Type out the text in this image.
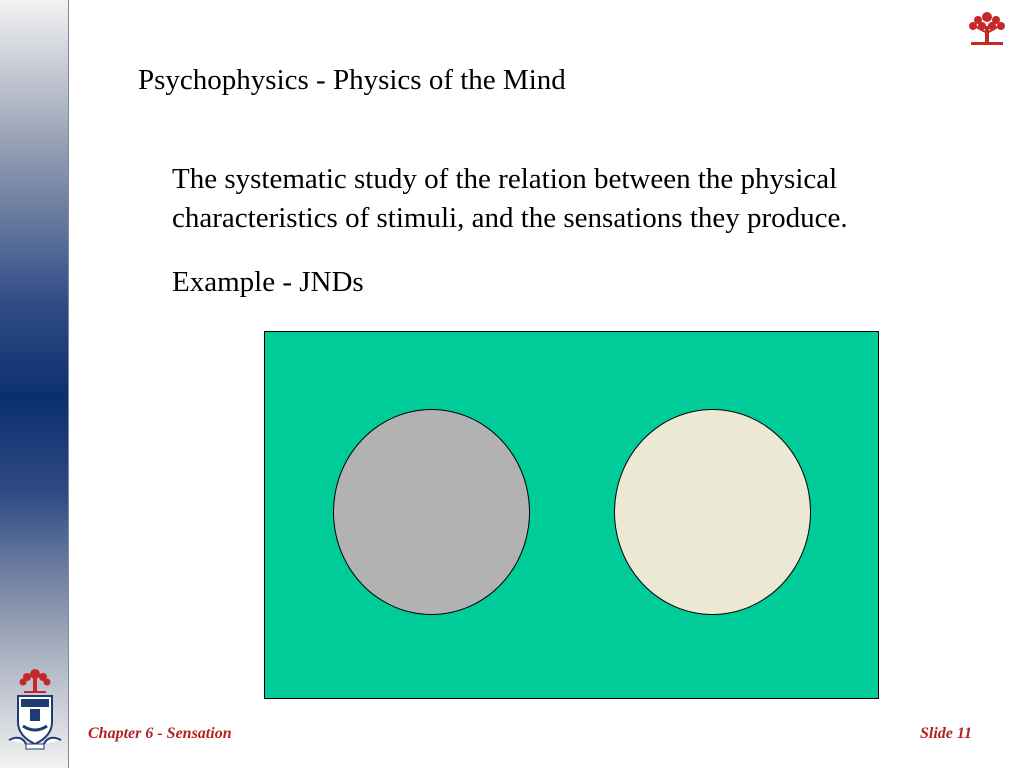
Psychophysics - Physics of the Mind
The systematic study of the relation between the physical characteristics of stimuli, and the sensations they produce.
Example - JNDs
Chapter 6 - Sensation	Slide 11
